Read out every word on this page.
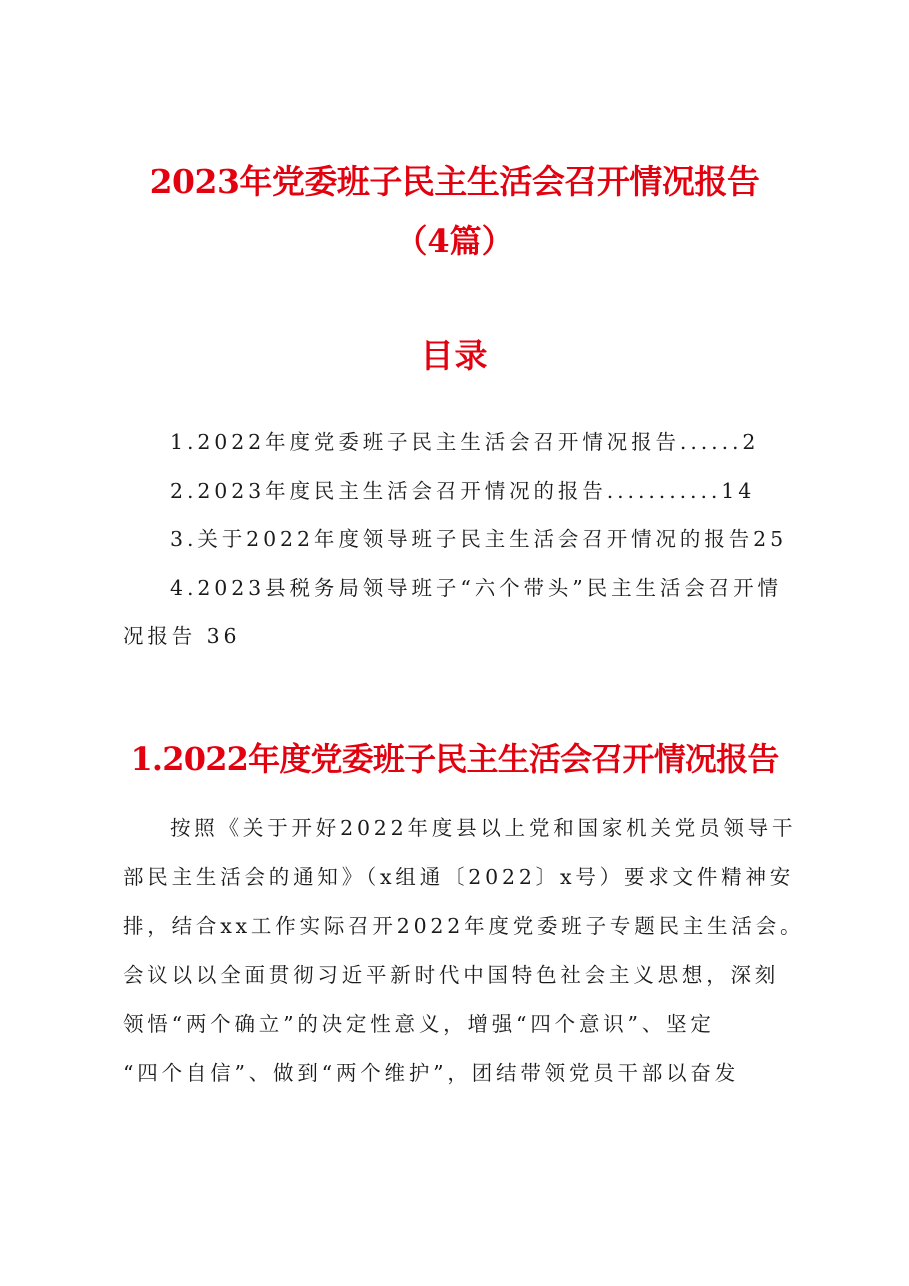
2023年党委班子民主生活会召开情况报告
（4篇）
目录
1.2022年度党委班子民主生活会召开情况报告......2
2.2023年度民主生活会召开情况的报告...........14
3.关于2022年度领导班子民主生活会召开情况的报告25
4.2023县税务局领导班子“六个带头”民主生活会召开情
况报告 36
1.2022年度党委班子民主生活会召开情况报告
按照《关于开好2022年度县以上党和国家机关党员领导干
部民主生活会的通知》（x组通〔2022〕x号）要求文件精神安
排，结合xx工作实际召开2022年度党委班子专题民主生活会。
会议以以全面贯彻习近平新时代中国特色社会主义思想，深刻
领悟“两个确立”的决定性意义，增强“四个意识”、坚定
“四个自信”、做到“两个维护”，团结带领党员干部以奋发
